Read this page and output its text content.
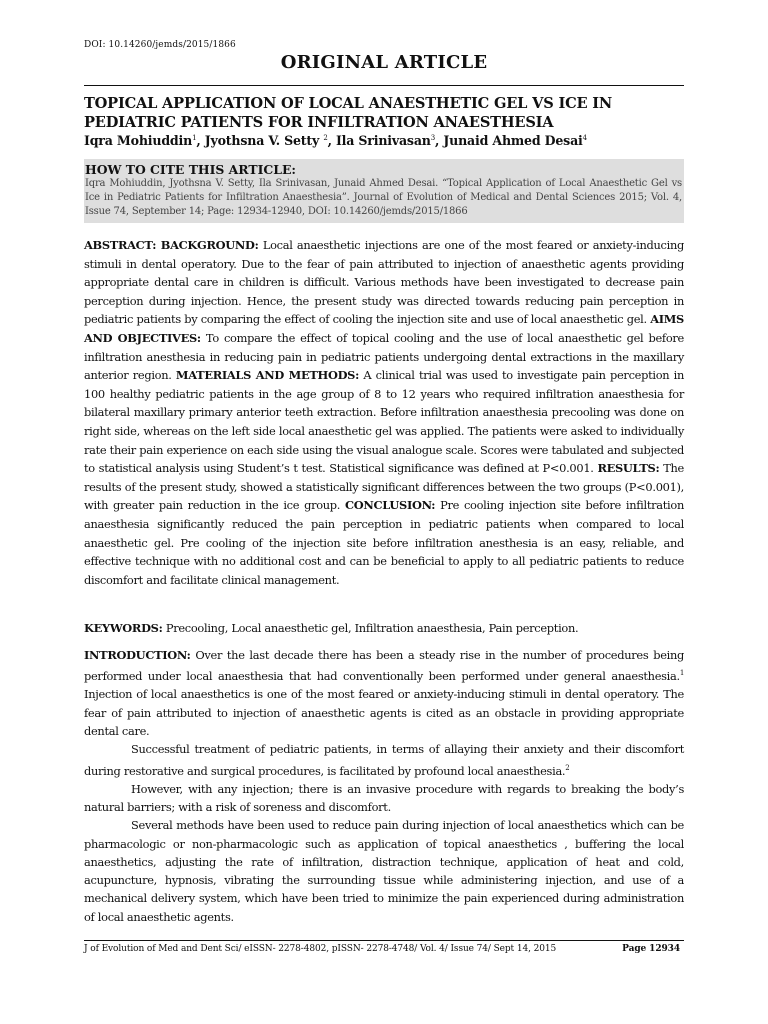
DOI: 10.14260/jemds/2015/1866
ORIGINAL ARTICLE
TOPICAL APPLICATION OF LOCAL ANAESTHETIC GEL VS ICE IN PEDIATRIC PATIENTS FOR INFILTRATION ANAESTHESIA
Iqra Mohiuddin$^1$, Jyothsna V. Setty $^2$, Ila Srinivasan$^3$, Junaid Ahmed Desai$^4$
HOW TO CITE THIS ARTICLE:
Iqra Mohiuddin, Jyothsna V. Setty, Ila Srinivasan, Junaid Ahmed Desai. “Topical Application of Local Anaesthetic Gel vs Ice in Pediatric Patients for Infiltration Anaesthesia”. Journal of Evolution of Medical and Dental Sciences 2015; Vol. 4, Issue 74, September 14; Page: 12934-12940, DOI: 10.14260/jemds/2015/1866
ABSTRACT: BACKGROUND: Local anaesthetic injections are one of the most feared or anxiety-inducing stimuli in dental operatory. Due to the fear of pain attributed to injection of anaesthetic agents providing appropriate dental care in children is difficult. Various methods have been investigated to decrease pain perception during injection. Hence, the present study was directed towards reducing pain perception in pediatric patients by comparing the effect of cooling the injection site and use of local anaesthetic gel. AIMS AND OBJECTIVES: To compare the effect of topical cooling and the use of local anaesthetic gel before infiltration anesthesia in reducing pain in pediatric patients undergoing dental extractions in the maxillary anterior region. MATERIALS AND METHODS: A clinical trial was used to investigate pain perception in 100 healthy pediatric patients in the age group of 8 to 12 years who required infiltration anaesthesia for bilateral maxillary primary anterior teeth extraction. Before infiltration anaesthesia precooling was done on right side, whereas on the left side local anaesthetic gel was applied. The patients were asked to individually rate their pain experience on each side using the visual analogue scale. Scores were tabulated and subjected to statistical analysis using Student’s t test. Statistical significance was defined at P<0.001. RESULTS: The results of the present study, showed a statistically significant differences between the two groups (P<0.001), with greater pain reduction in the ice group. CONCLUSION: Pre cooling injection site before infiltration anaesthesia significantly reduced the pain perception in pediatric patients when compared to local anaesthetic gel. Pre cooling of the injection site before infiltration anesthesia is an easy, reliable, and effective technique with no additional cost and can be beneficial to apply to all pediatric patients to reduce discomfort and facilitate clinical management.
KEYWORDS: Precooling, Local anaesthetic gel, Infiltration anaesthesia, Pain perception.

INTRODUCTION: Over the last decade there has been a steady rise in the number of procedures being performed under local anaesthesia that had conventionally been performed under general anaesthesia.$^1$ Injection of local anaesthetics is one of the most feared or anxiety-inducing stimuli in dental operatory. The fear of pain attributed to injection of anaesthetic agents is cited as an obstacle in providing appropriate dental care.

Successful treatment of pediatric patients, in terms of allaying their anxiety and their discomfort during restorative and surgical procedures, is facilitated by profound local anaesthesia.$^2$

However, with any injection; there is an invasive procedure with regards to breaking the body’s natural barriers; with a risk of soreness and discomfort.

Several methods have been used to reduce pain during injection of local anaesthetics which can be pharmacologic or non-pharmacologic such as application of topical anaesthetics , buffering the local anaesthetics, adjusting the rate of infiltration, distraction technique, application of heat and cold, acupuncture, hypnosis, vibrating the surrounding tissue while administering injection, and use of a mechanical delivery system, which have been tried to minimize the pain experienced during administration of local anaesthetic agents.

J of Evolution of Med and Dent Sci/ eISSN- 2278-4802, pISSN- 2278-4748/ Vol. 4/ Issue 74/ Sept 14, 2015	Page 12934
